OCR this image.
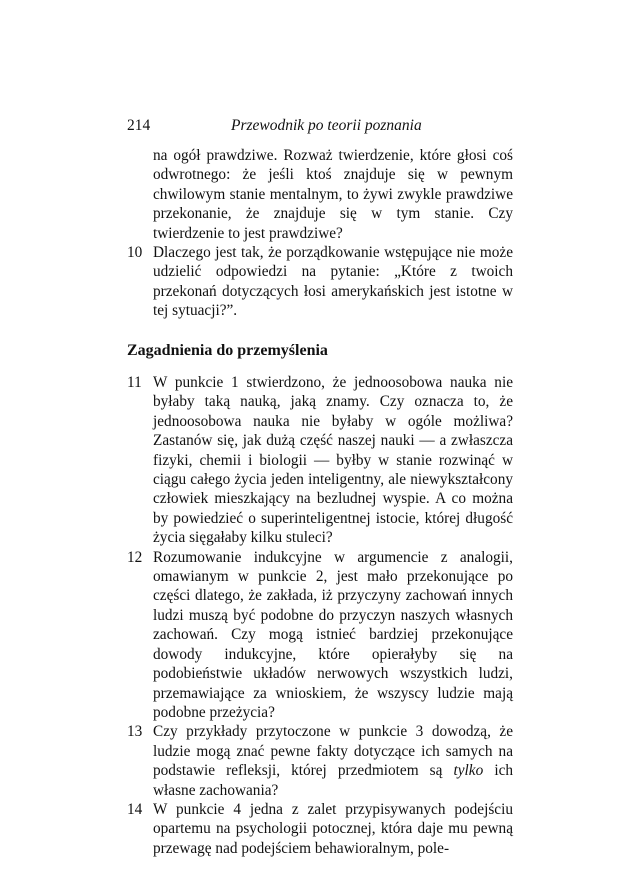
214	Przewodnik po teorii poznania

na ogół prawdziwe. Rozważ twierdzenie, które głosi coś odwrotnego: że jeśli ktoś znajduje się w pewnym chwilowym stanie mentalnym, to żywi zwykle prawdziwe przekonanie, że znajduje się w tym stanie. Czy twierdzenie to jest prawdziwe?

10 Dlaczego jest tak, że porządkowanie wstępujące nie może udzielić odpowiedzi na pytanie: „Które z twoich przekonań dotyczących łosi amerykańskich jest istotne w tej sytuacji?”.

Zagadnienia do przemyślenia
11 W punkcie 1 stwierdzono, że jednoosobowa nauka nie byłaby taką nauką, jaką znamy. Czy oznacza to, że jednoosobowa nauka nie byłaby w ogóle możliwa? Zastanów się, jak dużą część naszej nauki — a zwłaszcza fizyki, chemii i biologii — byłby w stanie rozwinąć w ciągu całego życia jeden inteligentny, ale niewykształcony człowiek mieszkający na bezludnej wyspie. A co można by powiedzieć o superinteligentnej istocie, której długość życia sięgałaby kilku stuleci?

12 Rozumowanie indukcyjne w argumencie z analogii, omawianym w punkcie 2, jest mało przekonujące po części dlatego, że zakłada, iż przyczyny zachowań innych ludzi muszą być podobne do przyczyn naszych własnych zachowań. Czy mogą istnieć bardziej przekonujące dowody indukcyjne, które opierałyby się na podobieństwie układów nerwowych wszystkich ludzi, przemawiające za wnioskiem, że wszyscy ludzie mają podobne przeżycia?

13 Czy przykłady przytoczone w punkcie 3 dowodzą, że ludzie mogą znać pewne fakty dotyczące ich samych na podstawie refleksji, której przedmiotem są tylko ich własne zachowania?

14 W punkcie 4 jedna z zalet przypisywanych podejściu opartemu na psychologii potocznej, która daje mu pewną przewagę nad podejściem behawioralnym, pole-
